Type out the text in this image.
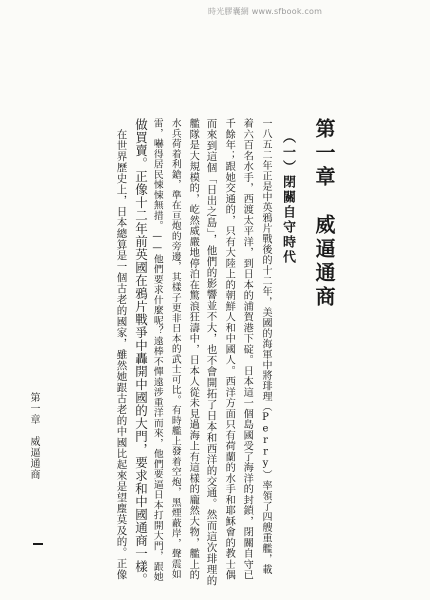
時光膠囊網 www.sfbook.com
第一章　威逼通商
（一）閉關自守時代
一八五二年正是中英鴉片戰後的十二年，美國的海軍中將琲理（Perry）率領了四艘重艦，載
着六百名水手，西渡太平洋，到日本的浦賀港下碇。日本這一個島國受了海洋的封鎖，閉關自守已
千餘年；跟她交通的，只有大陸上的朝鮮人和中國人。西洋方面只有荷蘭的水手和耶穌會的教士偶
而來到這個「日出之島」，他們的影響並不大，也不會開拓了日本和西洋的交通。然而這次琲理的
艦隊是大規模的，屹然威嚴地停泊在驚浪狂濤中，日本人從未見過海上有這樣的龐然大物，艦上的
水兵荷着利鎗，準在亘炮的旁邊，其樣子更非日本的武士可比。有時艦上發着空炮，黑煙蔽岸，聲震如
雷，嚇得居民悚悚無措。——他們要求什麼呢？遠棒不憚遠涉重洋而來，他們要逼日本打開大門，跟她
做買賣。正像十二年前英國在鴉片戰爭中轟開中國的大門，要求和中國通商一樣。
　在世界歷史上，日本總算是一個古老的國家，雖然她跟古老的中國比起來是望塵莫及的。正像
第一章　威逼通商
